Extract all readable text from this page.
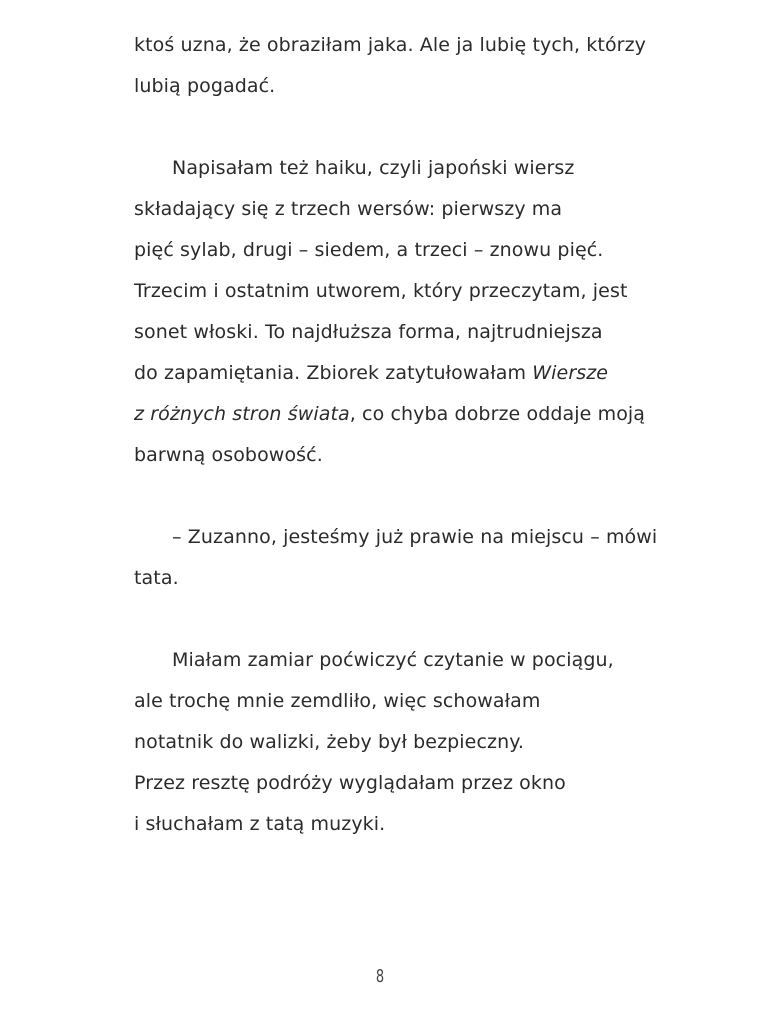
ktoś uzna, że obraziłam jaka. Ale ja lubię tych, którzy
lubią pogadać.
Napisałam też haiku, czyli japoński wiersz
składający się z trzech wersów: pierwszy ma
pięć sylab, drugi – siedem, a trzeci – znowu pięć.
Trzecim i ostatnim utworem, który przeczytam, jest
sonet włoski. To najdłuższa forma, najtrudniejsza
do zapamiętania. Zbiorek zatytułowałam Wiersze
z różnych stron świata, co chyba dobrze oddaje moją
barwną osobowość.
– Zuzanno, jesteśmy już prawie na miejscu – mówi
tata.
Miałam zamiar poćwiczyć czytanie w pociągu,
ale trochę mnie zemdliło, więc schowałam
notatnik do walizki, żeby był bezpieczny.
Przez resztę podróży wyglądałam przez okno
i słuchałam z tatą muzyki.
8
